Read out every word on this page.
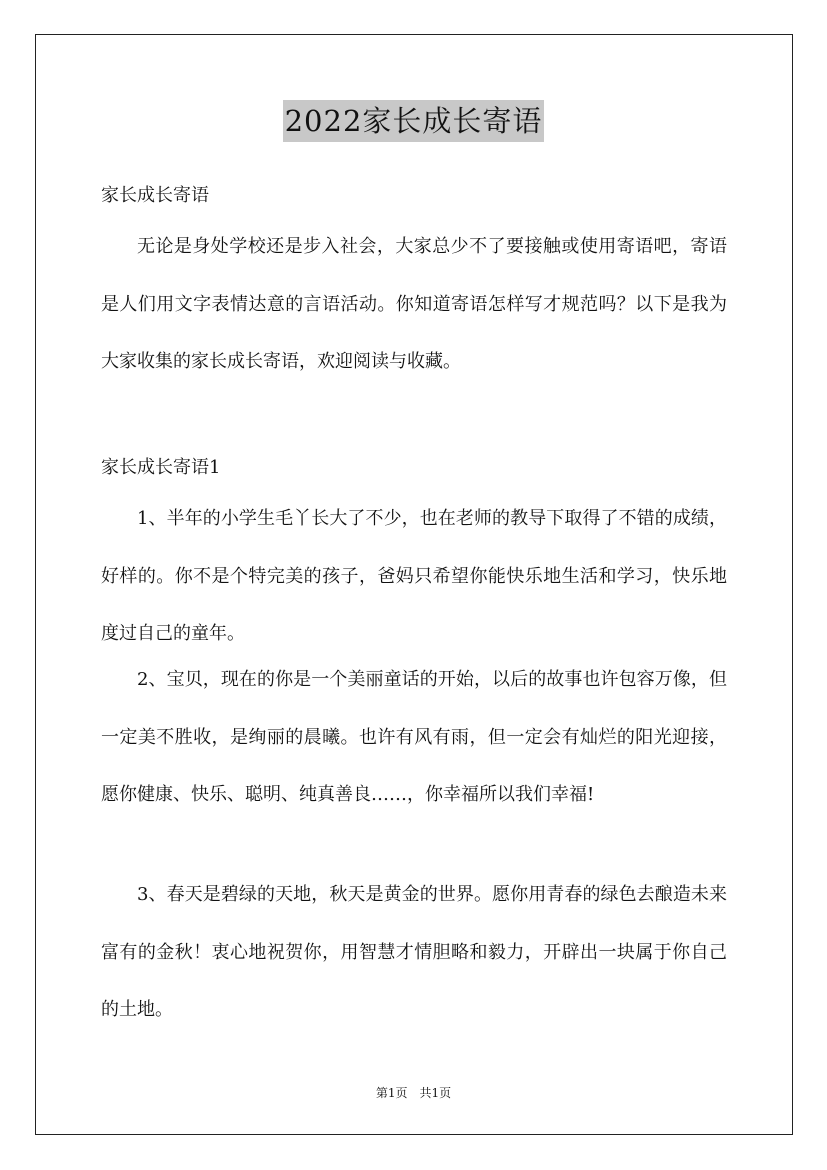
2022家长成长寄语
家长成长寄语

无论是身处学校还是步入社会，大家总少不了要接触或使用寄语吧，寄语是人们用文字表情达意的言语活动。你知道寄语怎样写才规范吗？以下是我为大家收集的家长成长寄语，欢迎阅读与收藏。

家长成长寄语1

1、半年的小学生毛丫长大了不少，也在老师的教导下取得了不错的成绩，好样的。你不是个特完美的孩子，爸妈只希望你能快乐地生活和学习，快乐地度过自己的童年。

2、宝贝，现在的你是一个美丽童话的开始，以后的故事也许包容万像，但一定美不胜收，是绚丽的晨曦。也许有风有雨，但一定会有灿烂的阳光迎接，愿你健康、快乐、聪明、纯真善良……，你幸福所以我们幸福!

3、春天是碧绿的天地，秋天是黄金的世界。愿你用青春的绿色去酿造未来富有的金秋！衷心地祝贺你，用智慧才情胆略和毅力，开辟出一块属于你自己的土地。

第1页　共1页
